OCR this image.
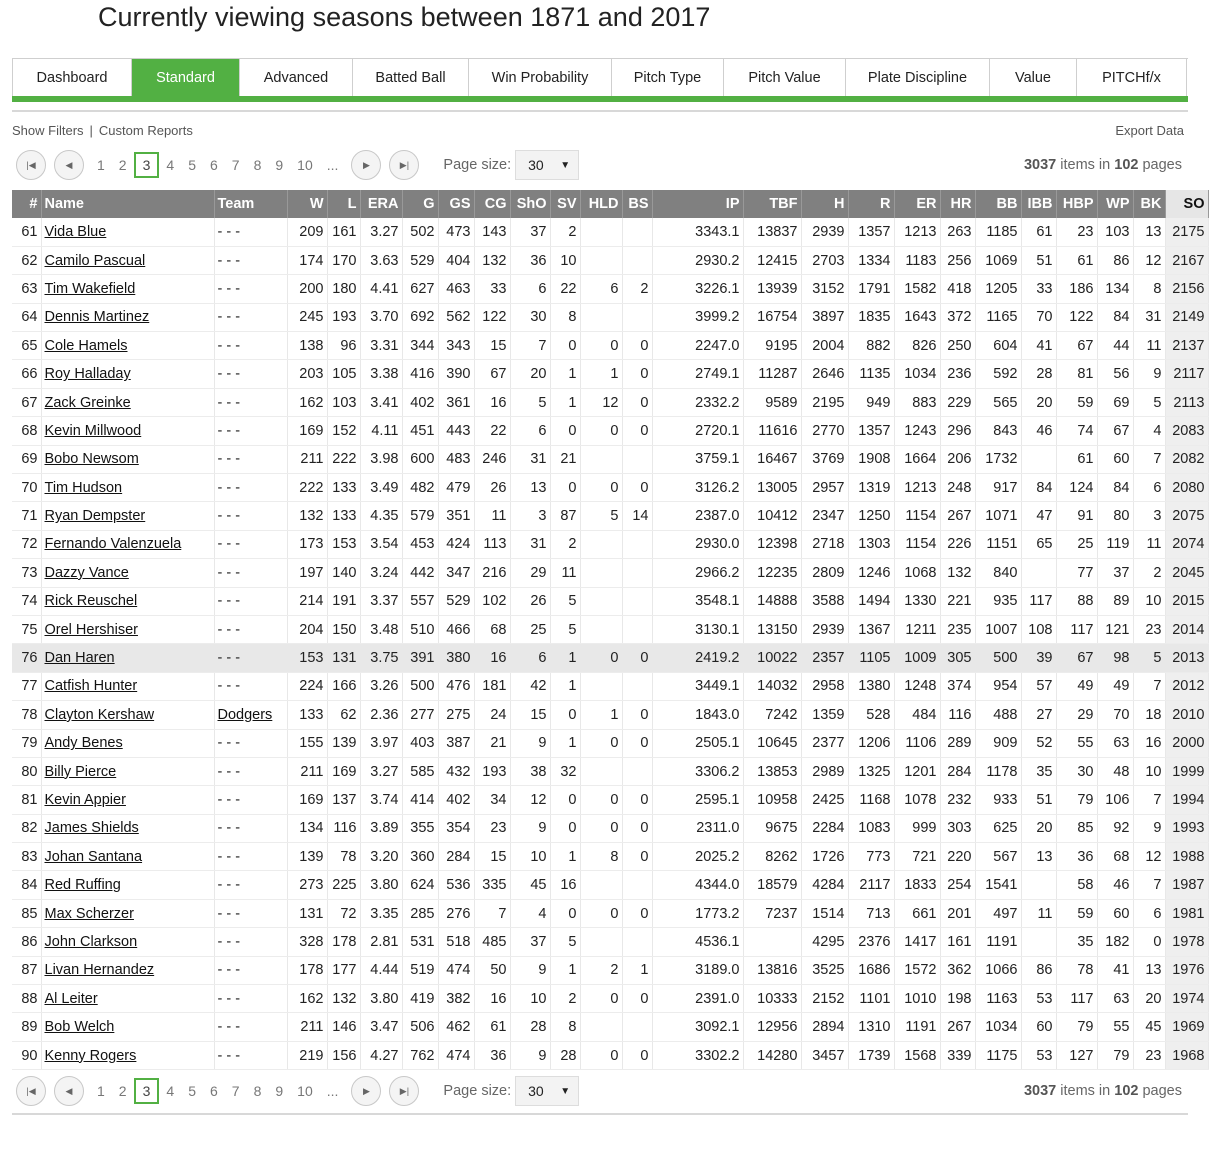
Currently viewing seasons between 1871 and 2017
Dashboard	Standard	Advanced	Batted Ball	Win Probability	Pitch Type	Pitch Value	Plate Discipline	Value	PITCHf/x
Show Filters | Custom Reports	Export Data
|◀	◀	1	2	3	4	5	6	7	8	9	10	...	▶	▶|	Page size: 30 ▼	3037 items in 102 pages
#	Name	Team	W	L	ERA	G	GS	CG	ShO	SV	HLD	BS	IP	TBF	H	R	ER	HR	BB	IBB	HBP	WP	BK	SO
61	Vida Blue	- - -	209	161	3.27	502	473	143	37	2			3343.1	13837	2939	1357	1213	263	1185	61	23	103	13	2175
62	Camilo Pascual	- - -	174	170	3.63	529	404	132	36	10			2930.2	12415	2703	1334	1183	256	1069	51	61	86	12	2167
63	Tim Wakefield	- - -	200	180	4.41	627	463	33	6	22	6	2	3226.1	13939	3152	1791	1582	418	1205	33	186	134	8	2156
64	Dennis Martinez	- - -	245	193	3.70	692	562	122	30	8			3999.2	16754	3897	1835	1643	372	1165	70	122	84	31	2149
65	Cole Hamels	- - -	138	96	3.31	344	343	15	7	0	0	0	2247.0	9195	2004	882	826	250	604	41	67	44	11	2137
66	Roy Halladay	- - -	203	105	3.38	416	390	67	20	1	1	0	2749.1	11287	2646	1135	1034	236	592	28	81	56	9	2117
67	Zack Greinke	- - -	162	103	3.41	402	361	16	5	1	12	0	2332.2	9589	2195	949	883	229	565	20	59	69	5	2113
68	Kevin Millwood	- - -	169	152	4.11	451	443	22	6	0	0	0	2720.1	11616	2770	1357	1243	296	843	46	74	67	4	2083
69	Bobo Newsom	- - -	211	222	3.98	600	483	246	31	21			3759.1	16467	3769	1908	1664	206	1732		61	60	7	2082
70	Tim Hudson	- - -	222	133	3.49	482	479	26	13	0	0	0	3126.2	13005	2957	1319	1213	248	917	84	124	84	6	2080
71	Ryan Dempster	- - -	132	133	4.35	579	351	11	3	87	5	14	2387.0	10412	2347	1250	1154	267	1071	47	91	80	3	2075
72	Fernando Valenzuela	- - -	173	153	3.54	453	424	113	31	2			2930.0	12398	2718	1303	1154	226	1151	65	25	119	11	2074
73	Dazzy Vance	- - -	197	140	3.24	442	347	216	29	11			2966.2	12235	2809	1246	1068	132	840		77	37	2	2045
74	Rick Reuschel	- - -	214	191	3.37	557	529	102	26	5			3548.1	14888	3588	1494	1330	221	935	117	88	89	10	2015
75	Orel Hershiser	- - -	204	150	3.48	510	466	68	25	5			3130.1	13150	2939	1367	1211	235	1007	108	117	121	23	2014
76	Dan Haren	- - -	153	131	3.75	391	380	16	6	1	0	0	2419.2	10022	2357	1105	1009	305	500	39	67	98	5	2013
77	Catfish Hunter	- - -	224	166	3.26	500	476	181	42	1			3449.1	14032	2958	1380	1248	374	954	57	49	49	7	2012
78	Clayton Kershaw	Dodgers	133	62	2.36	277	275	24	15	0	1	0	1843.0	7242	1359	528	484	116	488	27	29	70	18	2010
79	Andy Benes	- - -	155	139	3.97	403	387	21	9	1	0	0	2505.1	10645	2377	1206	1106	289	909	52	55	63	16	2000
80	Billy Pierce	- - -	211	169	3.27	585	432	193	38	32			3306.2	13853	2989	1325	1201	284	1178	35	30	48	10	1999
81	Kevin Appier	- - -	169	137	3.74	414	402	34	12	0	0	0	2595.1	10958	2425	1168	1078	232	933	51	79	106	7	1994
82	James Shields	- - -	134	116	3.89	355	354	23	9	0	0	0	2311.0	9675	2284	1083	999	303	625	20	85	92	9	1993
83	Johan Santana	- - -	139	78	3.20	360	284	15	10	1	8	0	2025.2	8262	1726	773	721	220	567	13	36	68	12	1988
84	Red Ruffing	- - -	273	225	3.80	624	536	335	45	16			4344.0	18579	4284	2117	1833	254	1541		58	46	7	1987
85	Max Scherzer	- - -	131	72	3.35	285	276	7	4	0	0	0	1773.2	7237	1514	713	661	201	497	11	59	60	6	1981
86	John Clarkson	- - -	328	178	2.81	531	518	485	37	5			4536.1		4295	2376	1417	161	1191		35	182	0	1978
87	Livan Hernandez	- - -	178	177	4.44	519	474	50	9	1	2	1	3189.0	13816	3525	1686	1572	362	1066	86	78	41	13	1976
88	Al Leiter	- - -	162	132	3.80	419	382	16	10	2	0	0	2391.0	10333	2152	1101	1010	198	1163	53	117	63	20	1974
89	Bob Welch	- - -	211	146	3.47	506	462	61	28	8			3092.1	12956	2894	1310	1191	267	1034	60	79	55	45	1969
90	Kenny Rogers	- - -	219	156	4.27	762	474	36	9	28	0	0	3302.2	14280	3457	1739	1568	339	1175	53	127	79	23	1968
|◀	◀	1	2	3	4	5	6	7	8	9	10	...	▶	▶|	Page size: 30 ▼	3037 items in 102 pages
